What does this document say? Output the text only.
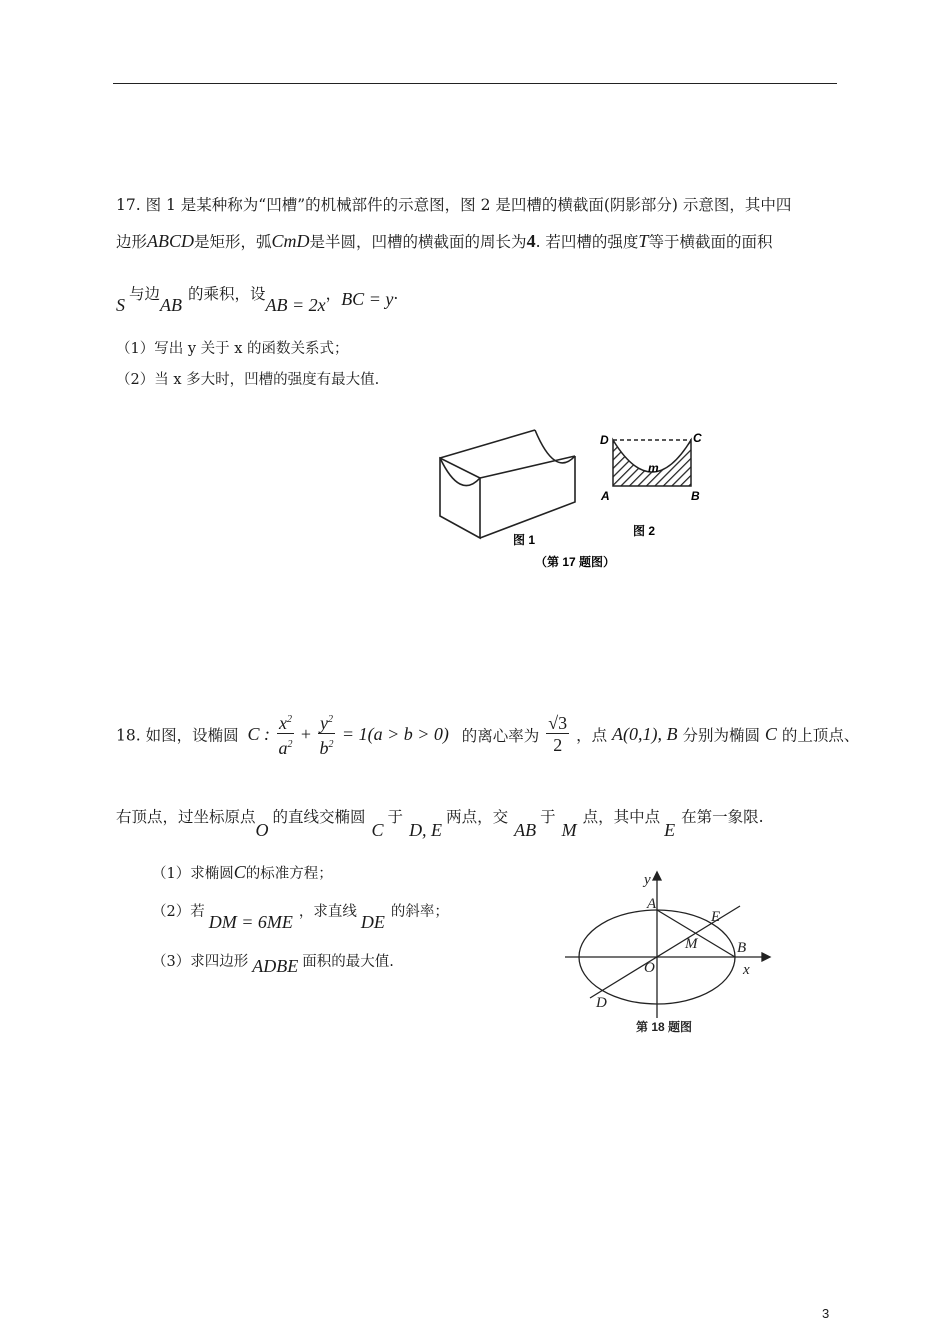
17. 图 1 是某种称为“凹槽”的机械部件的示意图，图 2 是凹槽的横截面(阴影部分) 示意图，其中四
边形ABCD是矩形，弧CmD是半圆，凹槽的横截面的周长为4. 若凹槽的强度T等于横截面的面积
S与边AB的乘积，设AB = 2x，BC = y.
（1）写出 y 关于 x 的函数关系式；
（2）当 x 多大时，凹槽的强度有最大值.
图 1
D	C
A	B
m
图 2
（第 17 题图）
18. 如图，设椭圆 C : $\frac{x^2}{a^2} + \frac{y^2}{b^2} = 1(a > b > 0)$ 的离心率为 $\frac{√3}{2}$ ，点 A(0,1), B 分别为椭圆 C 的上顶点、
右顶点，过坐标原点O的直线交椭圆C于D, E两点，交AB于M点，其中点E在第一象限.
（1）求椭圆C的标准方程；
（2）若 DM = 6ME ，求直线 DE 的斜率；
（3）求四边形 ADBE 面积的最大值.
y
A
E
M	B
O	x
D
第 18 题图
3
